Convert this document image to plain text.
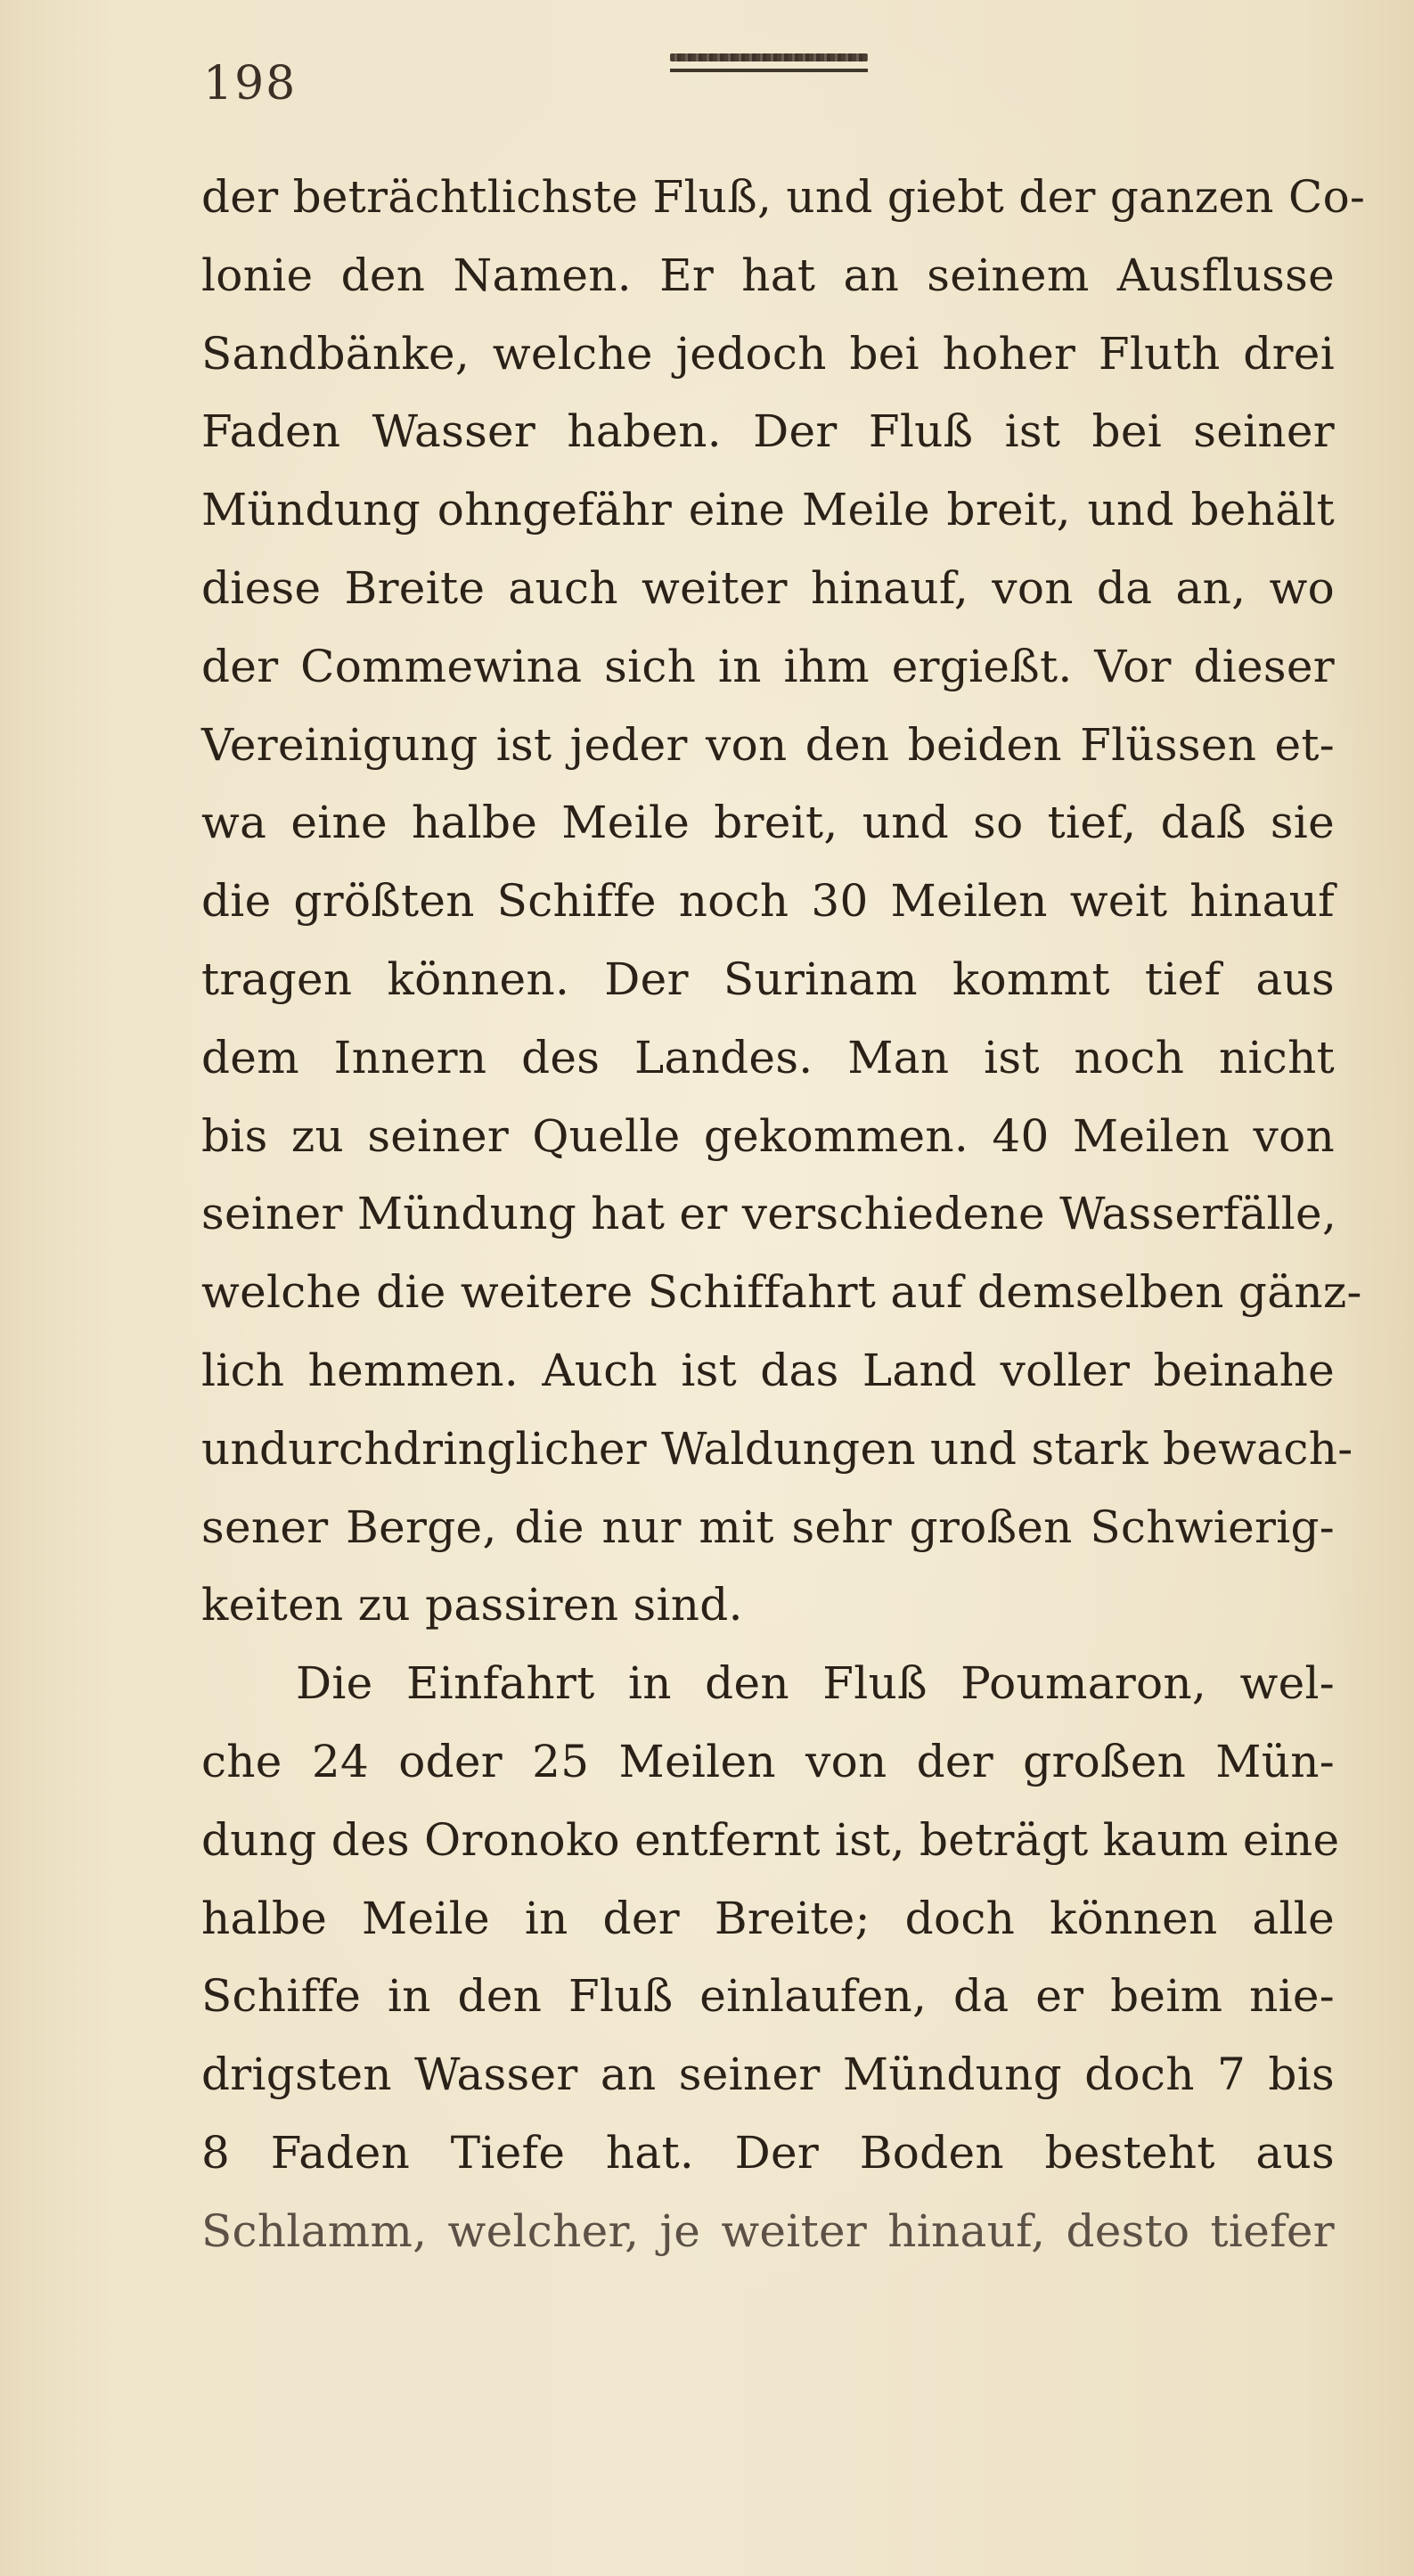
198
der beträchtlichste Fluß, und giebt der ganzen Co-
lonie den Namen. Er hat an seinem Ausflusse
Sandbänke, welche jedoch bei hoher Fluth drei
Faden Wasser haben. Der Fluß ist bei seiner
Mündung ohngefähr eine Meile breit, und behält
diese Breite auch weiter hinauf, von da an, wo
der Commewina sich in ihm ergießt. Vor dieser
Vereinigung ist jeder von den beiden Flüssen et-
wa eine halbe Meile breit, und so tief, daß sie
die größten Schiffe noch 30 Meilen weit hinauf
tragen können. Der Surinam kommt tief aus
dem Innern des Landes. Man ist noch nicht
bis zu seiner Quelle gekommen. 40 Meilen von
seiner Mündung hat er verschiedene Wasserfälle,
welche die weitere Schiffahrt auf demselben gänz-
lich hemmen. Auch ist das Land voller beinahe
undurchdringlicher Waldungen und stark bewach-
sener Berge, die nur mit sehr großen Schwierig-
keiten zu passiren sind.
Die Einfahrt in den Fluß Poumaron, wel-
che 24 oder 25 Meilen von der großen Mün-
dung des Oronoko entfernt ist, beträgt kaum eine
halbe Meile in der Breite; doch können alle
Schiffe in den Fluß einlaufen, da er beim nie-
drigsten Wasser an seiner Mündung doch 7 bis
8 Faden Tiefe hat. Der Boden besteht aus
Schlamm, welcher, je weiter hinauf, desto tiefer
